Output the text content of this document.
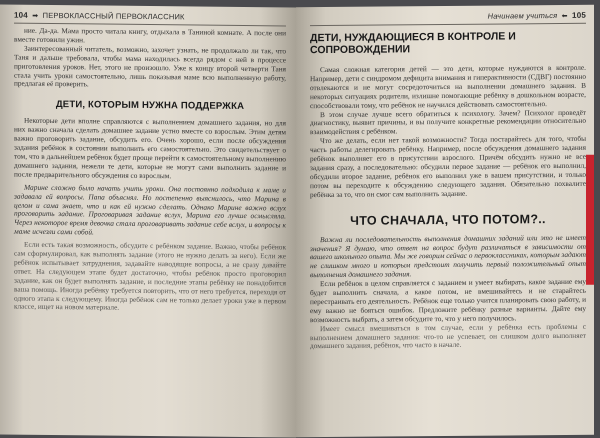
104 ➡ ПЕРВОКЛАССНЫЙ ПЕРВОКЛАССНИК

ние. Да-да. Мама просто читала книгу, отдыхала в Таниной комнате. А после они вместе готовили ужин.

Заинтересованный читатель, возможно, захочет узнать, не продолжало ли так, что Таня и дальше требовала, чтобы мама находилась всегда рядом с ней в процессе приготовления уроков. Нет, этого не произошло. Уже к концу второй четверти Таня стала учить уроки самостоятельно, лишь показывая маме всю выполненную работу, предлагая её проверить.

ДЕТИ, КОТОРЫМ НУЖНА ПОДДЕРЖКА

Некоторые дети вполне справляются с выполнением домашнего задания, но для них важно сначала сделать домашнее задание устно вместе со взрослым. Этим детям важно проговорить задание, обсудить его. Очень хорошо, если после обсуждения задания ребёнок в состоянии выполнить его самостоятельно. Это свидетельствует о том, что в дальнейшем ребёнок будет проще перейти к самостоятельному выполнению домашнего задания, нежели те дети, которые не могут сами выполнить задание и после предварительного обсуждения со взрослым.

Марине сложно было начать учить уроки. Она постоянно подходила к маме и задавала ей вопросы. Папа объяснял. Но постепенно выяснилось, что Марина в целом и сама знает, что и как ей нужно сделать. Однако Марине важно вслух проговорить задание. Проговаривая задание вслух, Марина его лучше осмысляла. Через некоторое время девочка стала проговаривать задание себе вслух, и вопросы к маме исчезли сами собой.

Если есть такая возможность, обсудите с ребёнком задание. Важно, чтобы ребёнок сам сформулировал, как выполнять задание (этого не нужно делать за него). Если же ребёнок испытывает затруднения, задавайте наводящие вопросы, а не сразу давайте ответ. На следующем этапе будет достаточно, чтобы ребёнок просто проговорил задание, как он будет выполнять задание, и последние этапы ребёнку не понадобится ваша помощь. Иногда ребёнку требуется повторить, что от него требуется, переходя от одного этапа к следующему. Иногда ребёнок сам не только делает уроки уже в первом классе, ищет на новом материале.

Начинаем учиться ⬅ 105
ДЕТИ, НУЖДАЮЩИЕСЯ В КОНТРОЛЕ И СОПРОВОЖДЕНИИ

Самая сложная категория детей — это дети, которые нуждаются в контроле. Например, дети с синдромом дефицита внимания и гиперактивности (СДВГ) постоянно отвлекаются и не могут сосредоточиться на выполнении домашнего задания. В некоторых ситуациях родители, излишне помогающие ребёнку в дошкольном возрасте, способствовали тому, что ребёнок не научился действовать самостоятельно.

В этом случае лучше всего обратиться к психологу. Зачем? Психолог проведёт диагностику, выявит причины, и вы получите конкретные рекомендации относительно взаимодействия с ребёнком.

Что же делать, если нет такой возможности? Тогда постарайтесь для того, чтобы часть работы делегировать ребёнку. Например, после обсуждения домашнего задания ребёнок выполняет его в присутствии взрослого. Причём обсудить нужно не все задания сразу, а последовательно: обсудили первое задание — ребёнок его выполнил, обсудили второе задание, ребёнок его выполнил уже в вашем присутствии, и только потом вы переходите к обсуждению следующего задания. Обязательно похвалите ребёнка за то, что он смог сам выполнить задание.

ЧТО СНАЧАЛА, ЧТО ПОТОМ?..

Важна ли последовательность выполнения домашних заданий или это не имеет значения? Я думаю, что ответ на вопрос будут различаться в зависимости от вашего школьного опыта. Мы же говорим сейчас о первоклассниках, которым задают не слишком много и которым предстоит получить первый положительный опыт выполнения домашнего задания.

Если ребёнок в целом справляется с заданием и умеет выбирать, какое задание ему будет выполнить сначала, а какое потом, не вмешивайтесь и не старайтесь перестраивать его деятельность. Ребёнок еще только учится планировать свою работу, и ему важно не бояться ошибок. Предложите ребёнку разные варианты. Дайте ему возможность выбрать, а затем обсудите то, что у него получилось.

Имеет смысл вмешиваться в том случае, если у ребёнка есть проблемы с выполнением домашнего задания: что-то не успевает, он слишком долго выполняет домашнего задания, ребёнок, что часто в начале.
